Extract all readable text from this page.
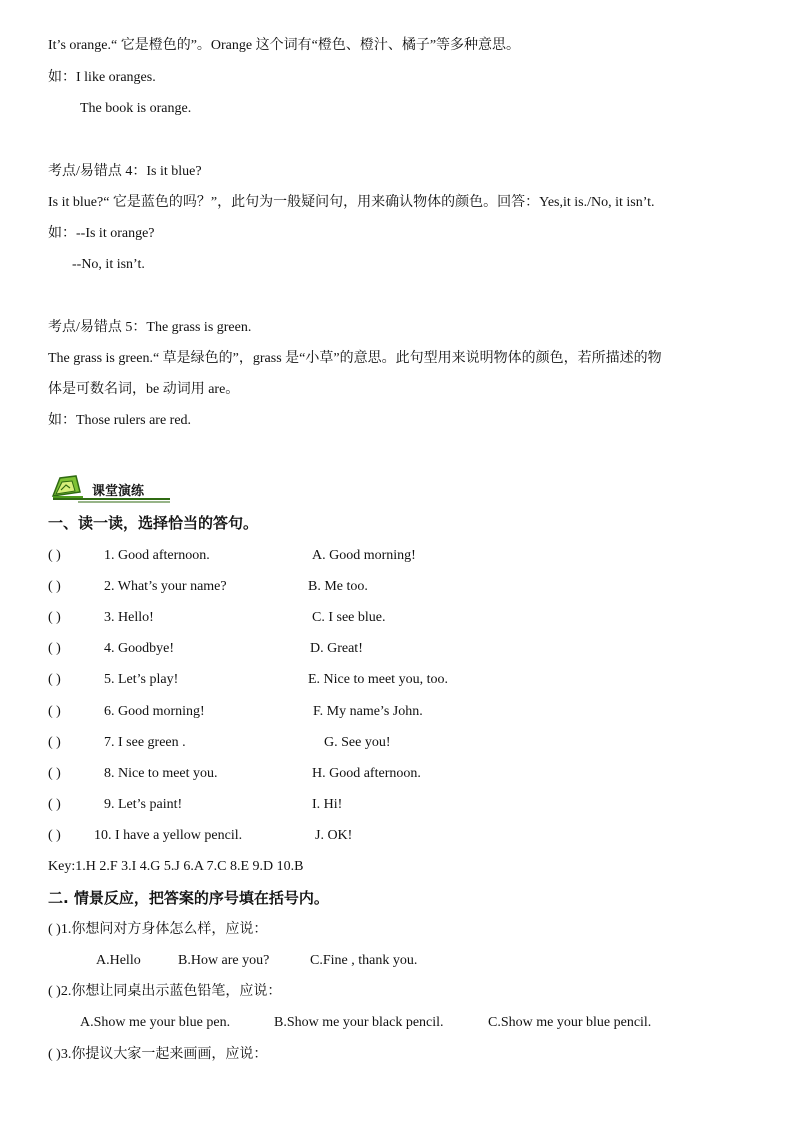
It’s orange.“ 它是橙色的”。Orange 这个词有“橙色、橙汁、橘子”等多种意思。
如：I like oranges.
The book is orange.
考点/易错点 4：Is it blue?
Is it blue?“ 它是蓝色的吗？”，此句为一般疑问句，用来确认物体的颜色。回答：Yes,it is./No, it isn’t.
如：--Is it orange?
--No, it isn’t.
考点/易错点 5：The grass is green.
The grass is green.“ 草是绿色的”，grass 是“小草”的意思。此句型用来说明物体的颜色，若所描述的物
体是可数名词，be 动词用 are。
如：Those rulers are red.
课堂演练
一、读一读，选择恰当的答句。
( )	1. Good afternoon.	A. Good morning!
( )	2. What’s your name?	B. Me too.
( )	3. Hello!	C. I see blue.
( )	4. Goodbye!	D. Great!
( )	5. Let’s play!	E. Nice to meet you, too.
( )	6. Good morning!	F. My name’s John.
( )	7. I see green .	G. See you!
( )	8. Nice to meet you.	H. Good afternoon.
( )	9. Let’s paint!	I. Hi!
( ) 10. I have a yellow pencil.	J. OK!
Key:1.H 2.F 3.I 4.G 5.J 6.A 7.C 8.E 9.D 10.B
二. 情景反应，把答案的序号填在括号内。
( )1.你想问对方身体怎么样，应说：
A.Hello	B.How are you?	C.Fine , thank you.
( )2.你想让同桌出示蓝色铅笔，应说：
A.Show me your blue pen.	B.Show me your black pencil.	C.Show me your blue pencil.
( )3.你提议大家一起来画画，应说：
